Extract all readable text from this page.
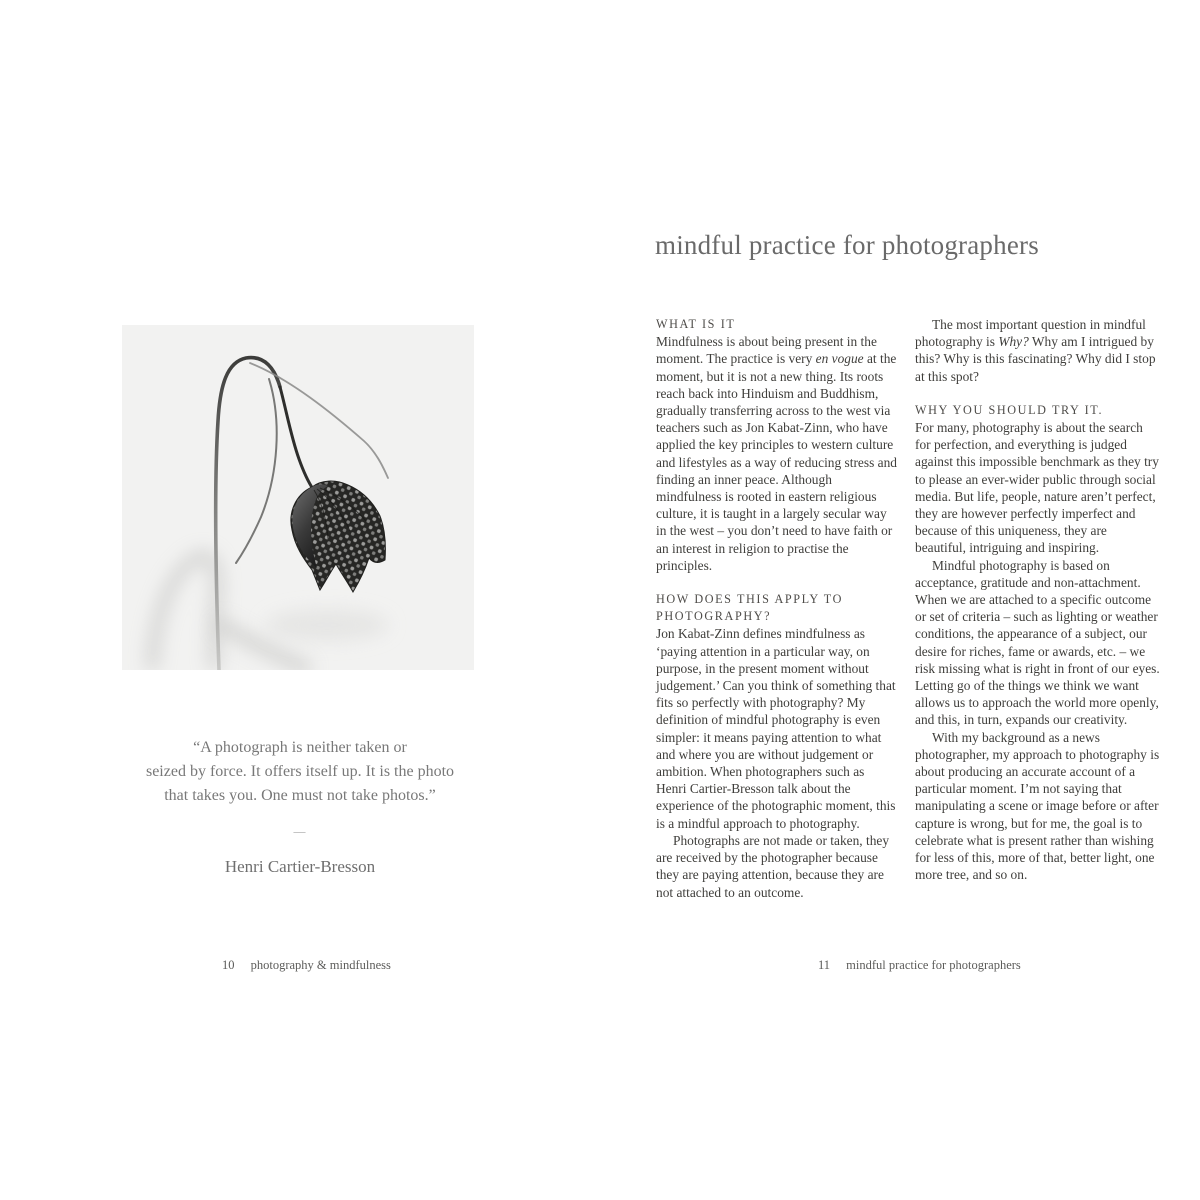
“A photograph is neither taken or
seized by force. It offers itself up. It is the photo
that takes you. One must not take photos.”
—
Henri Cartier-Bresson
10 photography & mindfulness
mindful practice for photographers
WHAT IS IT

Mindfulness is about being present in the moment. The practice is very en vogue at the moment, but it is not a new thing. Its roots reach back into Hinduism and Buddhism, gradually transferring across to the west via teachers such as Jon Kabat-Zinn, who have applied the key principles to western culture and lifestyles as a way of reducing stress and finding an inner peace. Although mindfulness is rooted in eastern religious culture, it is taught in a largely secular way in the west – you don’t need to have faith or an interest in religion to practise the principles.

HOW DOES THIS APPLY TO PHOTOGRAPHY?

Jon Kabat-Zinn defines mindfulness as ‘paying attention in a particular way, on purpose, in the present moment without judgement.’ Can you think of something that fits so perfectly with photography? My definition of mindful photography is even simpler: it means paying attention to what and where you are without judgement or ambition. When photographers such as Henri Cartier-Bresson talk about the experience of the photographic moment, this is a mindful approach to photography.

Photographs are not made or taken, they are received by the photographer because they are paying attention, because they are not attached to an outcome.

The most important question in mindful photography is Why? Why am I intrigued by this? Why is this fascinating? Why did I stop at this spot?

WHY YOU SHOULD TRY IT.

For many, photography is about the search for perfection, and everything is judged against this impossible benchmark as they try to please an ever-wider public through social media. But life, people, nature aren’t perfect, they are however perfectly imperfect and because of this uniqueness, they are beautiful, intriguing and inspiring.

Mindful photography is based on acceptance, gratitude and non-attachment. When we are attached to a specific outcome or set of criteria – such as lighting or weather conditions, the appearance of a subject, our desire for riches, fame or awards, etc. – we risk missing what is right in front of our eyes. Letting go of the things we think we want allows us to approach the world more openly, and this, in turn, expands our creativity.

With my background as a news photographer, my approach to photography is about producing an accurate account of a particular moment. I’m not saying that manipulating a scene or image before or after capture is wrong, but for me, the goal is to celebrate what is present rather than wishing for less of this, more of that, better light, one more tree, and so on.

11 mindful practice for photographers
